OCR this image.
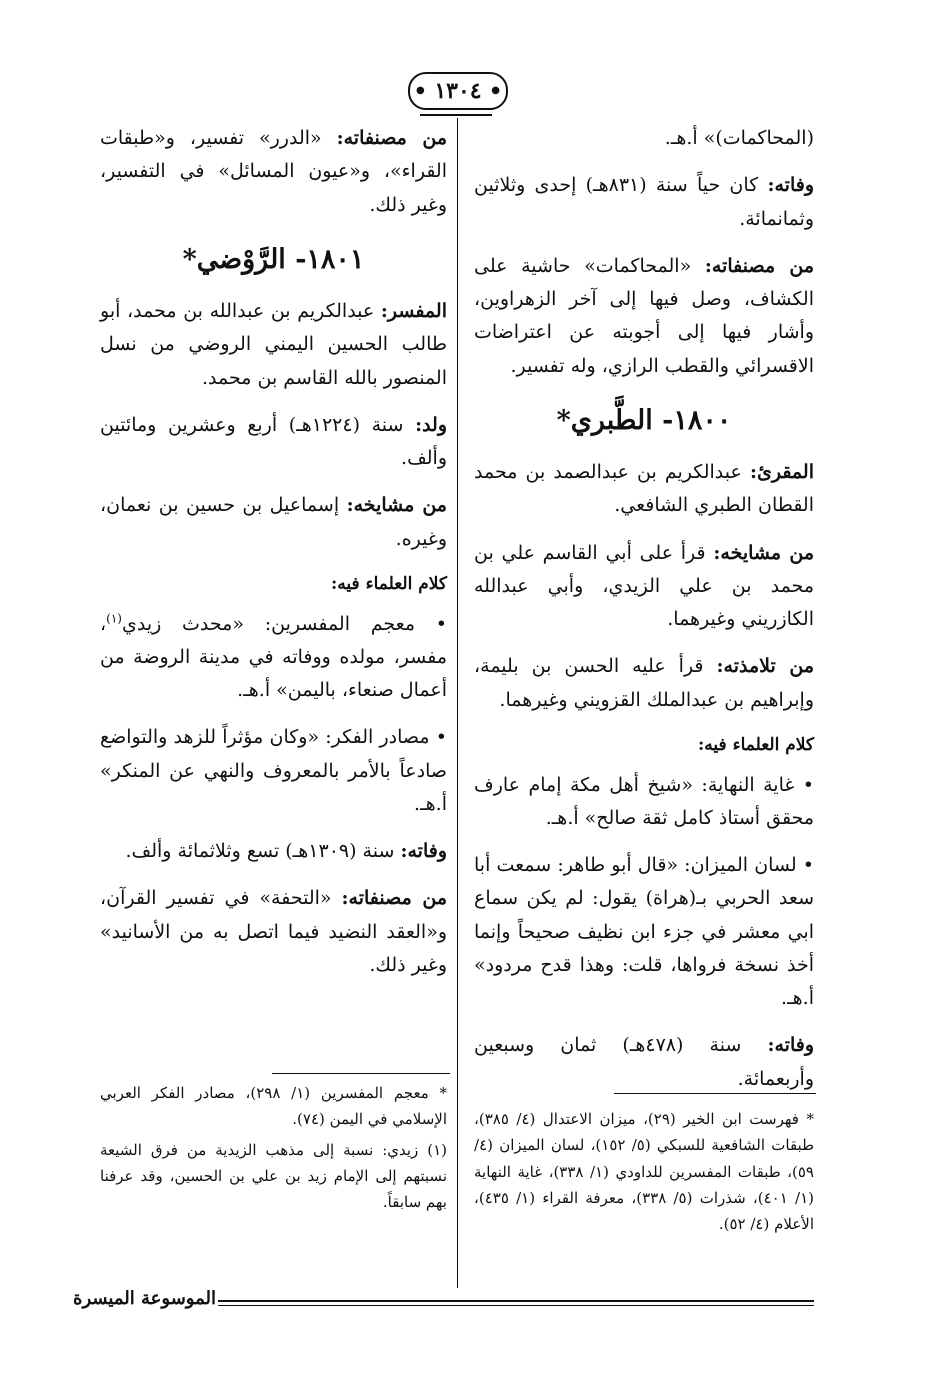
● ١٣٠٤ ●

(المحاكمات)» أ.هـ.

وفاته: كان حياً سنة (٨٣١هـ) إحدى وثلاثين وثمانمائة.

من مصنفاته: «المحاكمات» حاشية على الكشاف، وصل فيها إلى آخر الزهراوين، وأشار فيها إلى أجوبته عن اعتراضات الاقسرائي والقطب الرازي، وله تفسير.

١٨٠٠- الطَّبري*

المقرئ: عبدالكريم بن عبدالصمد بن محمد القطان الطبري الشافعي.

من مشايخه: قرأ على أبي القاسم علي بن محمد بن علي الزيدي، وأبي عبدالله الكازريني وغيرهما.

من تلامذته: قرأ عليه الحسن بن بليمة، وإبراهيم بن عبدالملك القزويني وغيرهما.

كلام العلماء فيه:

• غاية النهاية: «شيخ أهل مكة إمام عارف محقق أستاذ كامل ثقة صالح» أ.هـ.

• لسان الميزان: «قال أبو طاهر: سمعت أبا سعد الحربي بـ(هراة) يقول: لم يكن سماع ابي معشر في جزء ابن نظيف صحيحاً وإنما أخذ نسخة فرواها، قلت: وهذا قدح مردود» أ.هـ.

وفاته: سنة (٤٧٨هـ) ثمان وسبعين وأربعمائة.

من مصنفاته: «الدرر» تفسير، و«طبقات القراء»، و«عيون المسائل» في التفسير، وغير ذلك.

١٨٠١- الرَّوْضي*

المفسر: عبدالكريم بن عبدالله بن محمد، أبو طالب الحسين اليمني الروضي من نسل المنصور بالله القاسم بن محمد.

ولد: سنة (١٢٢٤هـ) أربع وعشرين ومائتين وألف.

من مشايخه: إسماعيل بن حسين بن نعمان، وغيره.

كلام العلماء فيه:

• معجم المفسرين: «محدث زيدي$^{(١)}$، مفسر، مولده ووفاته في مدينة الروضة من أعمال صنعاء، باليمن» أ.هـ.

• مصادر الفكر: «وكان مؤثراً للزهد والتواضع صادعاً بالأمر بالمعروف والنهي عن المنكر» أ.هـ.

وفاته: سنة (١٣٠٩هـ) تسع وثلاثمائة وألف.

من مصنفاته: «التحفة» في تفسير القرآن، و«العقد النضيد فيما اتصل به من الأسانيد» وغير ذلك.

* فهرست ابن الخير (٢٩)، ميزان الاعتدال (٤/ ٣٨٥)، طبقات الشافعية للسبكي (٥/ ١٥٢)، لسان الميزان (٤/ ٥٩)، طبقات المفسرين للداودي (١/ ٣٣٨)، غاية النهاية (١/ ٤٠١)، شذرات (٥/ ٣٣٨)، معرفة القراء (١/ ٤٣٥)، الأعلام (٤/ ٥٢).

* معجم المفسرين (١/ ٢٩٨)، مصادر الفكر العربي الإسلامي في اليمن (٧٤).

(١) زيدي: نسبة إلى مذهب الزيدية من فرق الشيعة نسبتهم إلى الإمام زيد بن علي بن الحسين، وقد عرفنا بهم سابقاً.

الموسوعة الميسرة
